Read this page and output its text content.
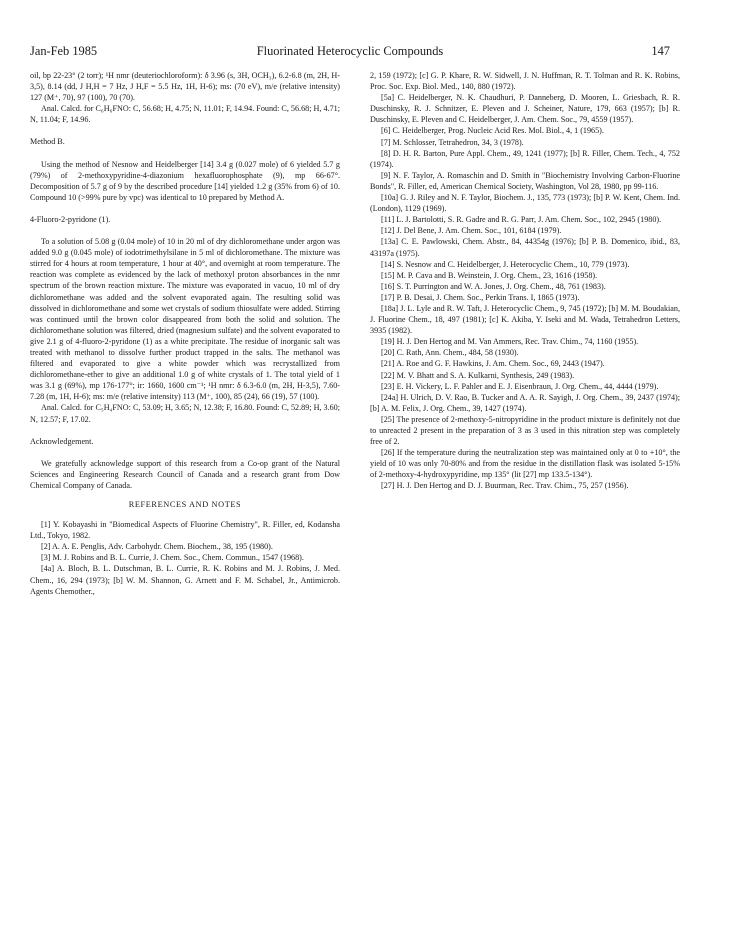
Jan-Feb 1985	Fluorinated Heterocyclic Compounds	147

oil, bp 22-23° (2 torr); ¹H nmr (deuteriochloroform): δ 3.96 (s, 3H, OCH₃), 6.2-6.8 (m, 2H, H-3,5), 8.14 (dd, J H,H = 7 Hz, J H,F = 5.5 Hz, 1H, H-6); ms: (70 eV), m/e (relative intensity) 127 (M⁺, 70), 97 (100), 70 (70).

Anal. Calcd. for C₆H₆FNO: C, 56.68; H, 4.75; N, 11.01; F, 14.94. Found: C, 56.68; H, 4.71; N, 11.04; F, 14.96.

Method B.

Using the method of Nesnow and Heidelberger [14] 3.4 g (0.027 mole) of 6 yielded 5.7 g (79%) of 2-methoxypyridine-4-diazonium hexafluorophosphate (9), mp 66-67°. Decomposition of 5.7 g of 9 by the described procedure [14] yielded 1.2 g (35% from 6) of 10. Compound 10 (>99% pure by vpc) was identical to 10 prepared by Method A.

4-Fluoro-2-pyridone (1).

To a solution of 5.08 g (0.04 mole) of 10 in 20 ml of dry dichloromethane under argon was added 9.0 g (0.045 mole) of iodotrimethylsilane in 5 ml of dichloromethane. The mixture was stirred for 4 hours at room temperature, 1 hour at 40°, and overnight at room temperature. The reaction was complete as evidenced by the lack of methoxyl proton absorbances in the nmr spectrum of the brown reaction mixture. The mixture was evaporated in vacuo, 10 ml of dry dichloromethane was added and the solvent evaporated again. The resulting solid was dissolved in dichloromethane and some wet crystals of sodium thiosulfate were added. Stirring was continued until the brown color disappeared from both the solid and solution. The dichloromethane solution was filtered, dried (magnesium sulfate) and the solvent evaporated to give 2.1 g of 4-fluoro-2-pyridone (1) as a white precipitate. The residue of inorganic salt was treated with methanol to dissolve further product trapped in the salts. The methanol was filtered and evaporated to give a white powder which was recrystallized from dichloromethane-ether to give an additional 1.0 g of white crystals of 1. The total yield of 1 was 3.1 g (69%), mp 176-177°; ir: 1660, 1600 cm⁻¹; ¹H nmr: δ 6.3-6.0 (m, 2H, H-3,5), 7.60-7.28 (m, 1H, H-6); ms: m/e (relative intensity) 113 (M⁺, 100), 85 (24), 66 (19), 57 (100).

Anal. Calcd. for C₅H₄FNO: C, 53.09; H, 3.65; N, 12.38; F, 16.80. Found: C, 52.89; H, 3.60; N, 12.57; F, 17.02.

Acknowledgement.

We gratefully acknowledge support of this research from a Co-op grant of the Natural Sciences and Engineering Research Council of Canada and a research grant from Dow Chemical Company of Canada.

REFERENCES AND NOTES

[1] Y. Kobayashi in "Biomedical Aspects of Fluorine Chemistry", R. Filler, ed, Kodansha Ltd., Tokyo, 1982.

[2] A. A. E. Penglis, Adv. Carbohydr. Chem. Biochem., 38, 195 (1980).

[3] M. J. Robins and B. L. Currie, J. Chem. Soc., Chem. Commun., 1547 (1968).

[4a] A. Bloch, B. L. Dutschman, B. L. Currie, R. K. Robins and M. J. Robins, J. Med. Chem., 16, 294 (1973); [b] W. M. Shannon, G. Arnett and F. M. Schabel, Jr., Antimicrob. Agents Chemother.,

2, 159 (1972); [c] G. P. Khare, R. W. Sidwell, J. N. Huffman, R. T. Tolman and R. K. Robins, Proc. Soc. Exp. Biol. Med., 140, 880 (1972).

[5a] C. Heidelberger, N. K. Chaudhuri, P. Danneberg, D. Mooren, L. Griesbach, R. R. Duschinsky, R. J. Schnitzer, E. Pleven and J. Scheiner, Nature, 179, 663 (1957); [b] R. Duschinsky, E. Pleven and C. Heidelberger, J. Am. Chem. Soc., 79, 4559 (1957).

[6] C. Heidelberger, Prog. Nucleic Acid Res. Mol. Biol., 4, 1 (1965).

[7] M. Schlosser, Tetrahedron, 34, 3 (1978).

[8] D. H. R. Barton, Pure Appl. Chem., 49, 1241 (1977); [b] R. Filler, Chem. Tech., 4, 752 (1974).

[9] N. F. Taylor, A. Romaschin and D. Smith in "Biochemistry Involving Carbon-Fluorine Bonds", R. Filler, ed, American Chemical Society, Washington, Vol 28, 1980, pp 99-116.

[10a] G. J. Riley and N. F. Taylor, Biochem. J., 135, 773 (1973); [b] P. W. Kent, Chem. Ind. (London), 1129 (1969).

[11] L. J. Bartolotti, S. R. Gadre and R. G. Parr, J. Am. Chem. Soc., 102, 2945 (1980).

[12] J. Del Bene, J. Am. Chem. Soc., 101, 6184 (1979).

[13a] C. E. Pawlowski, Chem. Abstr., 84, 44354g (1976); [b] P. B. Domenico, ibid., 83, 43197a (1975).

[14] S. Nesnow and C. Heidelberger, J. Heterocyclic Chem., 10, 779 (1973).

[15] M. P. Cava and B. Weinstein, J. Org. Chem., 23, 1616 (1958).

[16] S. T. Purrington and W. A. Jones, J. Org. Chem., 48, 761 (1983).

[17] P. B. Desai, J. Chem. Soc., Perkin Trans. I, 1865 (1973).

[18a] J. L. Lyle and R. W. Taft, J. Heterocyclic Chem., 9, 745 (1972); [b] M. M. Boudakian, J. Fluorine Chem., 18, 497 (1981); [c] K. Akiba, Y. Iseki and M. Wada, Tetrahedron Letters, 3935 (1982).

[19] H. J. Den Hertog and M. Van Ammers, Rec. Trav. Chim., 74, 1160 (1955).

[20] C. Rath, Ann. Chem., 484, 58 (1930).

[21] A. Roe and G. F. Hawkins, J. Am. Chem. Soc., 69, 2443 (1947).

[22] M. V. Bhatt and S. A. Kulkarni, Synthesis, 249 (1983).

[23] E. H. Vickery, L. F. Pahler and E. J. Eisenbraun, J. Org. Chem., 44, 4444 (1979).

[24a] H. Ulrich, D. V. Rao, B. Tucker and A. A. R. Sayigh, J. Org. Chem., 39, 2437 (1974); [b] A. M. Felix, J. Org. Chem., 39, 1427 (1974).

[25] The presence of 2-methoxy-5-nitropyridine in the product mixture is definitely not due to unreacted 2 present in the preparation of 3 as 3 used in this nitration step was completely free of 2.

[26] If the temperature during the neutralization step was maintained only at 0 to +10°, the yield of 10 was only 70-80% and from the residue in the distillation flask was isolated 5-15% of 2-methoxy-4-hydroxypyridine, mp 135° (lit [27] mp 133.5-134°).

[27] H. J. Den Hertog and D. J. Buurman, Rec. Trav. Chim., 75, 257 (1956).
